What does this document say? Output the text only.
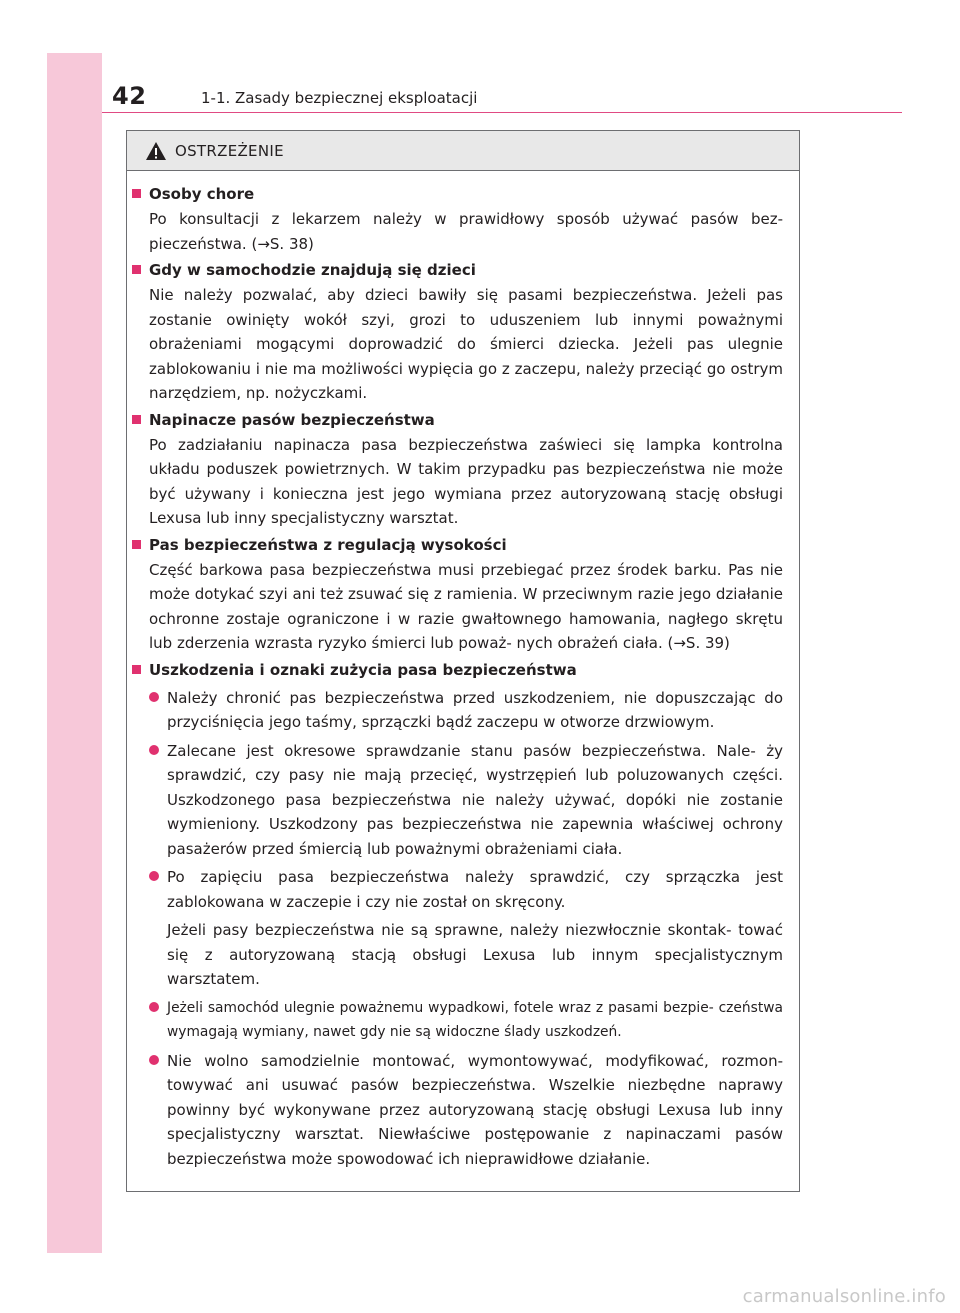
42	1-1. Zasady bezpiecznej eksploatacji
OSTRZEŻENIE
Osoby chore
Po konsultacji z lekarzem należy w prawidłowy sposób używać pasów bez- pieczeństwa. (→S. 38)
Gdy w samochodzie znajdują się dzieci
Nie należy pozwalać, aby dzieci bawiły się pasami bezpieczeństwa. Jeżeli pas zostanie owinięty wokół szyi, grozi to uduszeniem lub innymi poważnymi obrażeniami mogącymi doprowadzić do śmierci dziecka. Jeżeli pas ulegnie zablokowaniu i nie ma możliwości wypięcia go z zaczepu, należy przeciąć go ostrym narzędziem, np. nożyczkami.
Napinacze pasów bezpieczeństwa
Po zadziałaniu napinacza pasa bezpieczeństwa zaświeci się lampka kontrolna układu poduszek powietrznych. W takim przypadku pas bezpieczeństwa nie może być używany i konieczna jest jego wymiana przez autoryzowaną stację obsługi Lexusa lub inny specjalistyczny warsztat.
Pas bezpieczeństwa z regulacją wysokości
Część barkowa pasa bezpieczeństwa musi przebiegać przez środek barku. Pas nie może dotykać szyi ani też zsuwać się z ramienia. W przeciwnym razie jego działanie ochronne zostaje ograniczone i w razie gwałtownego hamowania, nagłego skrętu lub zderzenia wzrasta ryzyko śmierci lub poważ- nych obrażeń ciała. (→S. 39)
Uszkodzenia i oznaki zużycia pasa bezpieczeństwa
Należy chronić pas bezpieczeństwa przed uszkodzeniem, nie dopuszczając do przyciśnięcia jego taśmy, sprzączki bądź zaczepu w otworze drzwiowym.
Zalecane jest okresowe sprawdzanie stanu pasów bezpieczeństwa. Nale- ży sprawdzić, czy pasy nie mają przecięć, wystrzępień lub poluzowanych części. Uszkodzonego pasa bezpieczeństwa nie należy używać, dopóki nie zostanie wymieniony. Uszkodzony pas bezpieczeństwa nie zapewnia właściwej ochrony pasażerów przed śmiercią lub poważnymi obrażeniami ciała.
Po zapięciu pasa bezpieczeństwa należy sprawdzić, czy sprzączka jest zablokowana w zaczepie i czy nie został on skręcony.
Jeżeli pasy bezpieczeństwa nie są sprawne, należy niezwłocznie skontak- tować się z autoryzowaną stacją obsługi Lexusa lub innym specjalistycznym warsztatem.
Jeżeli samochód ulegnie poważnemu wypadkowi, fotele wraz z pasami bezpie- czeństwa wymagają wymiany, nawet gdy nie są widoczne ślady uszkodzeń.
Nie wolno samodzielnie montować, wymontowywać, modyfikować, rozmon- towywać ani usuwać pasów bezpieczeństwa. Wszelkie niezbędne naprawy powinny być wykonywane przez autoryzowaną stację obsługi Lexusa lub inny specjalistyczny warsztat. Niewłaściwe postępowanie z napinaczami pasów bezpieczeństwa może spowodować ich nieprawidłowe działanie.
carmanualsonline.info
